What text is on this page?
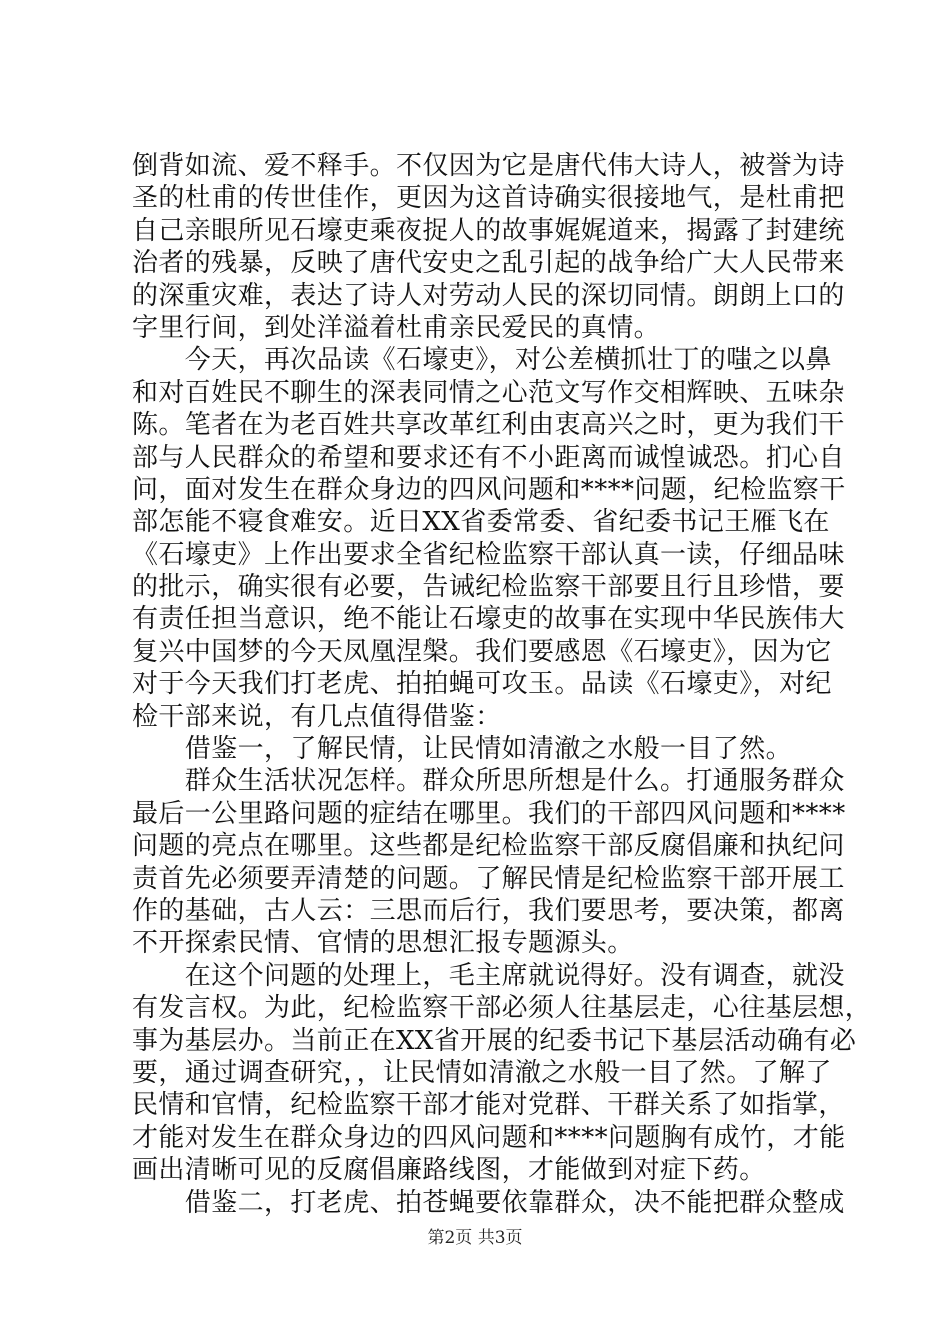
倒背如流、爱不释手。不仅因为它是唐代伟大诗人，被誉为诗
圣的杜甫的传世佳作，更因为这首诗确实很接地气，是杜甫把
自己亲眼所见石壕吏乘夜捉人的故事娓娓道来，揭露了封建统
治者的残暴，反映了唐代安史之乱引起的战争给广大人民带来
的深重灾难，表达了诗人对劳动人民的深切同情。朗朗上口的
字里行间，到处洋溢着杜甫亲民爱民的真情。
　　今天，再次品读《石壕吏》，对公差横抓壮丁的嗤之以鼻
和对百姓民不聊生的深表同情之心范文写作交相辉映、五味杂
陈。笔者在为老百姓共享改革红利由衷高兴之时，更为我们干
部与人民群众的希望和要求还有不小距离而诚惶诚恐。扪心自
问，面对发生在群众身边的四风问题和****问题，纪检监察干
部怎能不寝食难安。近日XX省委常委、省纪委书记王雁飞在
《石壕吏》上作出要求全省纪检监察干部认真一读，仔细品味
的批示，确实很有必要，告诫纪检监察干部要且行且珍惜，要
有责任担当意识，绝不能让石壕吏的故事在实现中华民族伟大
复兴中国梦的今天凤凰涅槃。我们要感恩《石壕吏》，因为它
对于今天我们打老虎、拍拍蝇可攻玉。品读《石壕吏》，对纪
检干部来说，有几点值得借鉴：
　　借鉴一，了解民情，让民情如清澈之水般一目了然。
　　群众生活状况怎样。群众所思所想是什么。打通服务群众
最后一公里路问题的症结在哪里。我们的干部四风问题和****
问题的亮点在哪里。这些都是纪检监察干部反腐倡廉和执纪问
责首先必须要弄清楚的问题。了解民情是纪检监察干部开展工
作的基础，古人云：三思而后行，我们要思考，要决策，都离
不开探索民情、官情的思想汇报专题源头。
　　在这个问题的处理上，毛主席就说得好。没有调查，就没
有发言权。为此，纪检监察干部必须人往基层走，心往基层想，
事为基层办。当前正在XX省开展的纪委书记下基层活动确有必
要，通过调查研究，，让民情如清澈之水般一目了然。了解了
民情和官情，纪检监察干部才能对党群、干群关系了如指掌，
才能对发生在群众身边的四风问题和****问题胸有成竹，才能
画出清晰可见的反腐倡廉路线图，才能做到对症下药。
　　借鉴二，打老虎、拍苍蝇要依靠群众，决不能把群众整成
第2页 共3页
